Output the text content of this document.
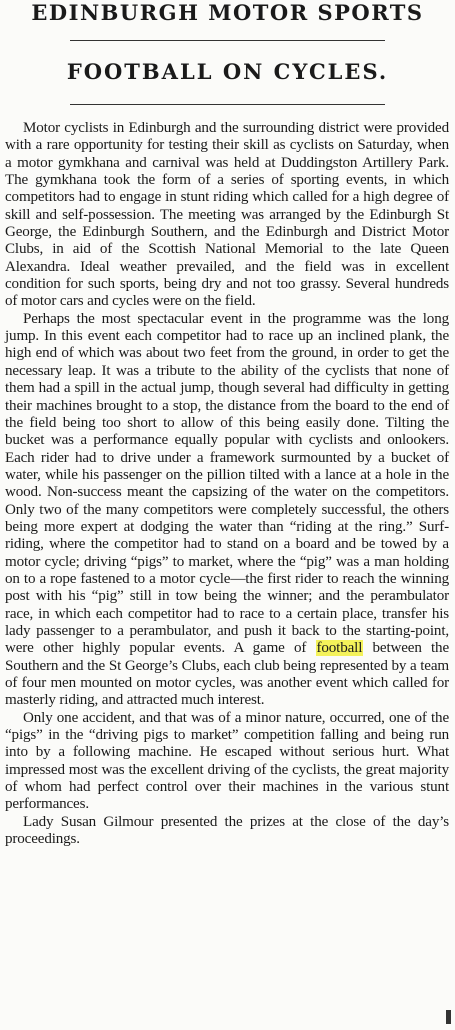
EDINBURGH MOTOR SPORTS
FOOTBALL ON CYCLES.

Motor cyclists in Edinburgh and the surrounding district were provided with a rare opportunity for testing their skill as cyclists on Saturday, when a motor gymkhana and carnival was held at Duddingston Artillery Park. The gymkhana took the form of a series of sporting events, in which competitors had to engage in stunt riding which called for a high degree of skill and self-possession. The meeting was arranged by the Edinburgh St George, the Edinburgh Southern, and the Edinburgh and District Motor Clubs, in aid of the Scottish National Memorial to the late Queen Alexandra. Ideal weather prevailed, and the field was in excellent condition for such sports, being dry and not too grassy. Several hundreds of motor cars and cycles were on the field.

Perhaps the most spectacular event in the programme was the long jump. In this event each competitor had to race up an inclined plank, the high end of which was about two feet from the ground, in order to get the necessary leap. It was a tribute to the ability of the cyclists that none of them had a spill in the actual jump, though several had difficulty in getting their machines brought to a stop, the distance from the board to the end of the field being too short to allow of this being easily done. Tilting the bucket was a performance equally popular with cyclists and onlookers. Each rider had to drive under a framework surmounted by a bucket of water, while his passenger on the pillion tilted with a lance at a hole in the wood. Non-success meant the capsizing of the water on the competitors. Only two of the many competitors were completely successful, the others being more expert at dodging the water than “riding at the ring.” Surf-riding, where the competitor had to stand on a board and be towed by a motor cycle; driving “pigs” to market, where the “pig” was a man holding on to a rope fastened to a motor cycle—the first rider to reach the winning post with his “pig” still in tow being the winner; and the perambulator race, in which each competitor had to race to a certain place, transfer his lady passenger to a perambulator, and push it back to the starting-point, were other highly popular events. A game of football between the Southern and the St George’s Clubs, each club being represented by a team of four men mounted on motor cycles, was another event which called for masterly riding, and attracted much interest.

Only one accident, and that was of a minor nature, occurred, one of the “pigs” in the “driving pigs to market” competition falling and being run into by a following machine. He escaped without serious hurt. What impressed most was the excellent driving of the cyclists, the great majority of whom had perfect control over their machines in the various stunt performances.

Lady Susan Gilmour presented the prizes at the close of the day’s proceedings.
